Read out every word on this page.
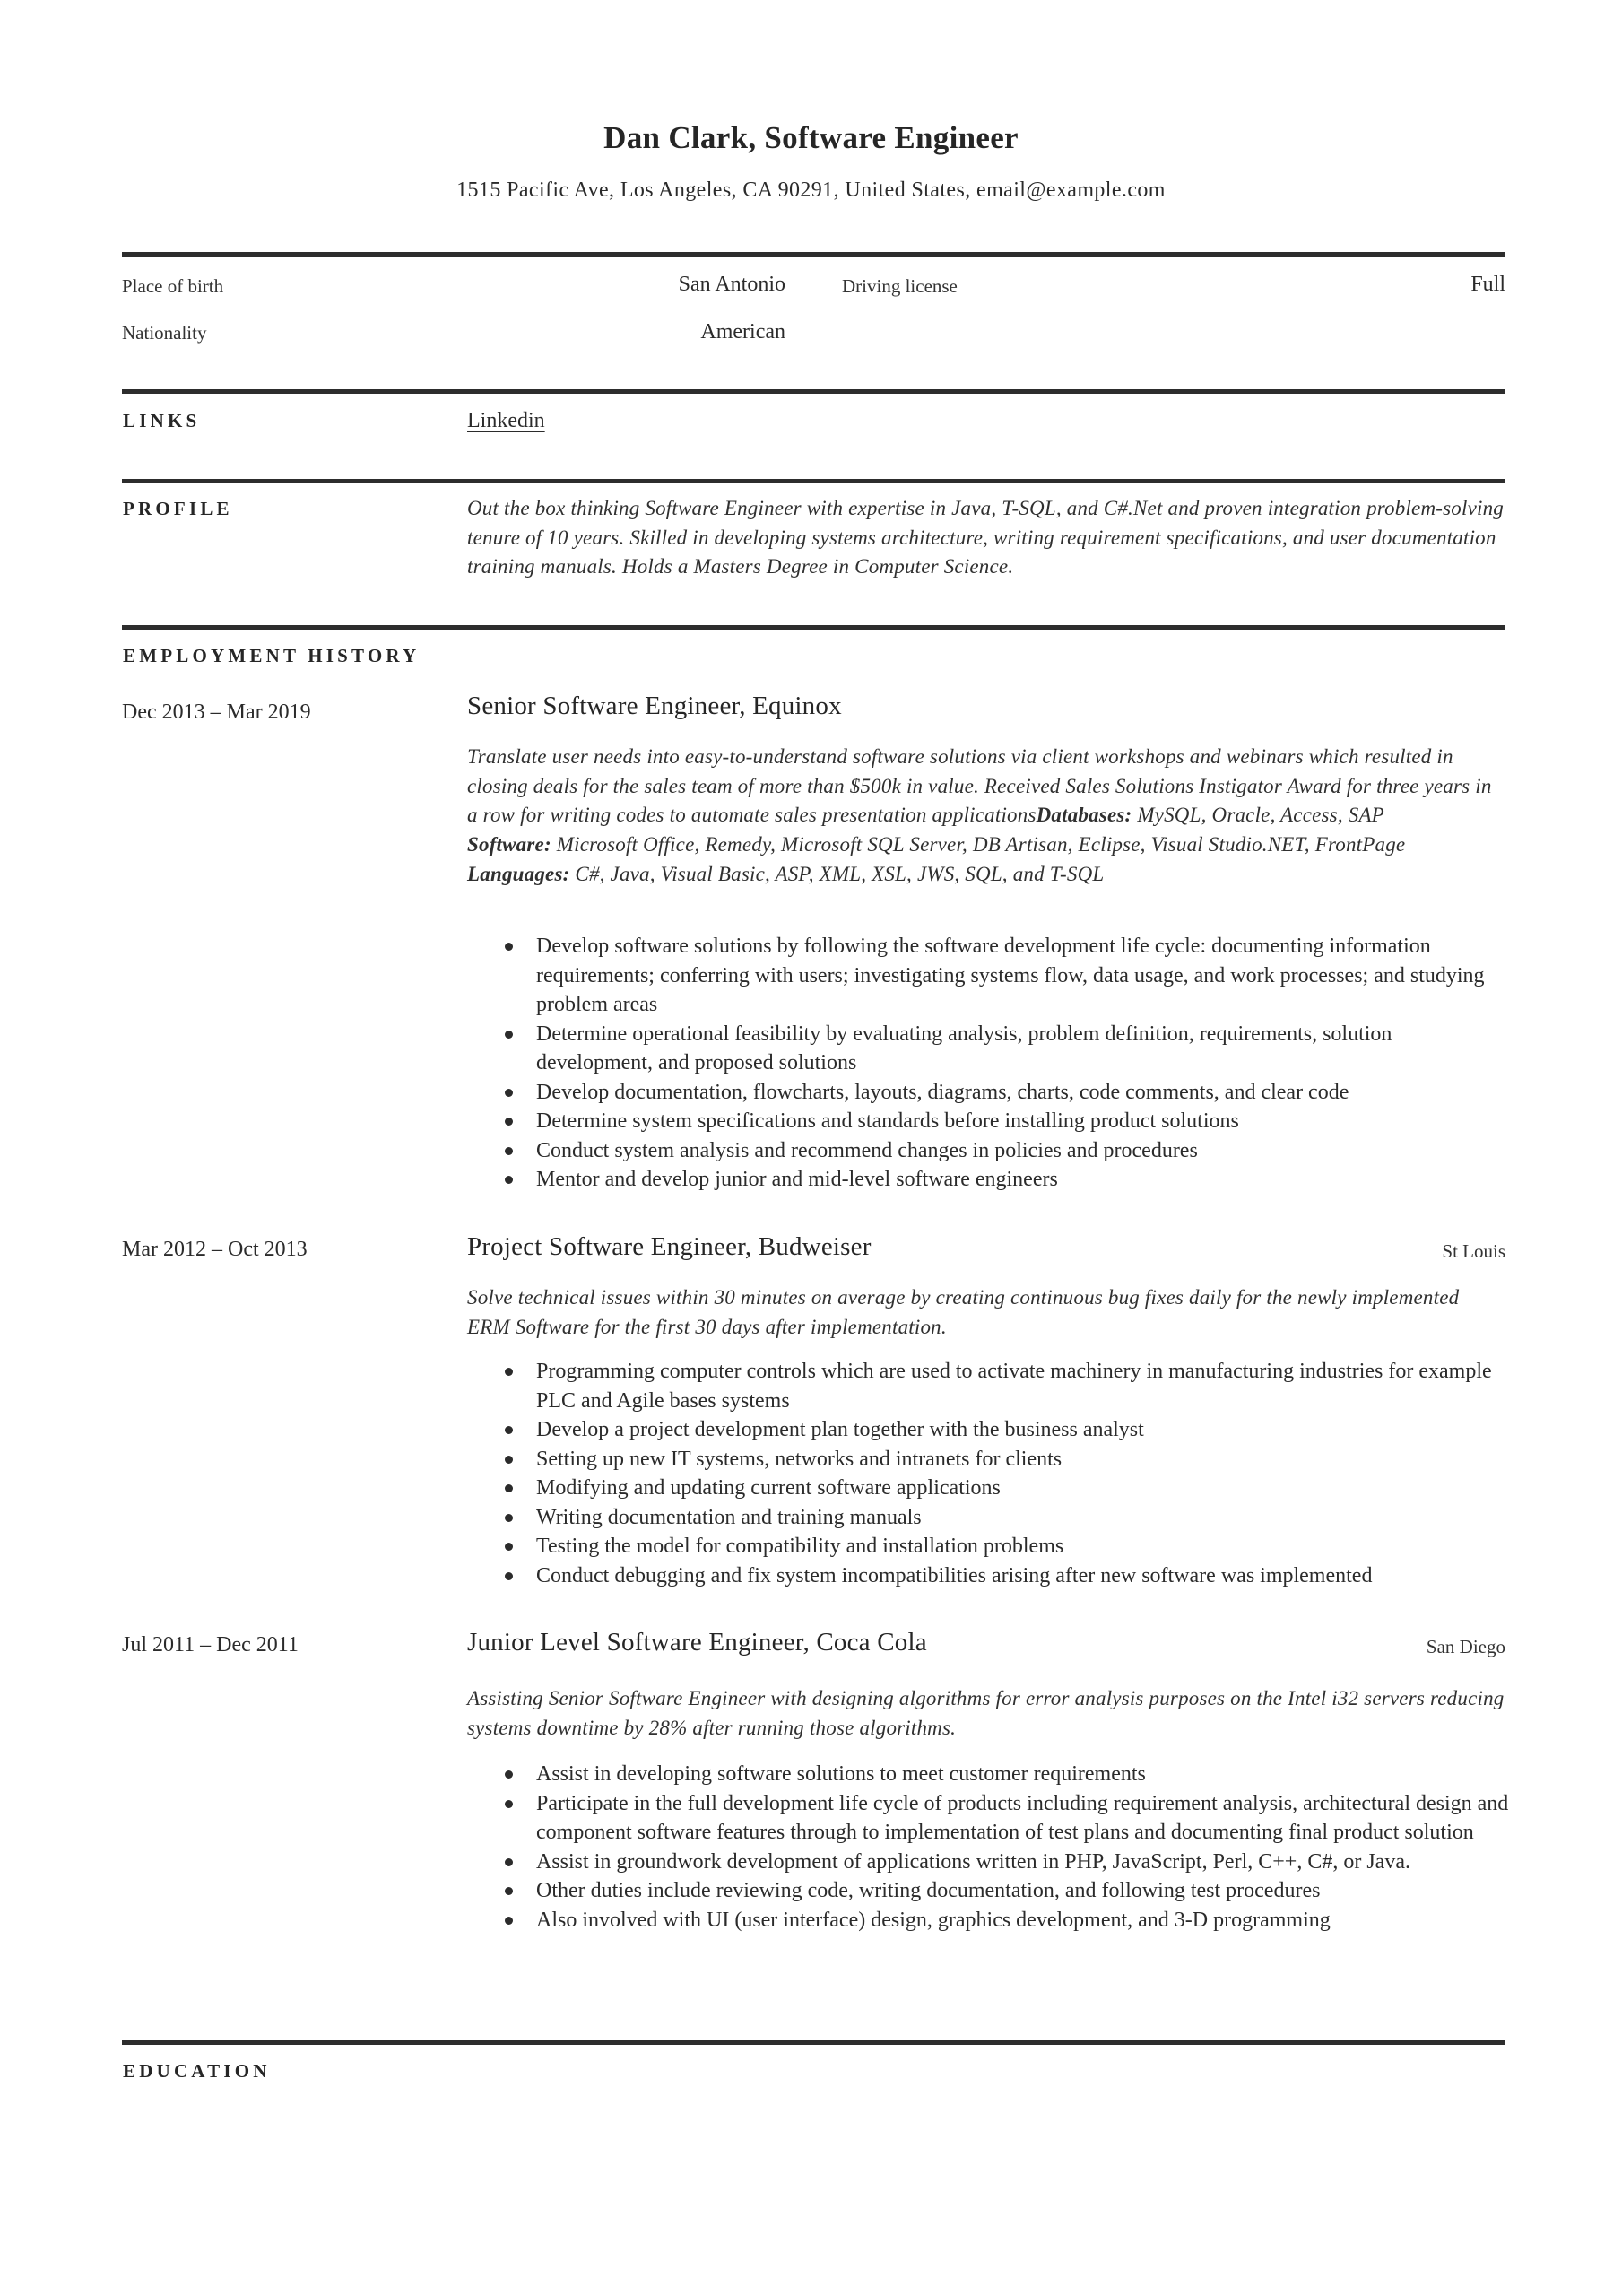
Dan Clark, Software Engineer
1515 Pacific Ave, Los Angeles, CA 90291, United States, email@example.com
Place of birth	San Antonio	Driving license	Full
Nationality	American
LINKS	Linkedin
PROFILE	Out the box thinking Software Engineer with expertise in Java, T-SQL, and C#.Net and proven integration problem-solving tenure of 10 years. Skilled in developing systems architecture, writing requirement specifications, and user documentation training manuals. Holds a Masters Degree in Computer Science.
EMPLOYMENT HISTORY
Dec 2013 – Mar 2019	Senior Software Engineer, Equinox
Translate user needs into easy-to-understand software solutions via client workshops and webinars which resulted in closing deals for the sales team of more than $500k in value. Received Sales Solutions Instigator Award for three years in a row for writing codes to automate sales presentation applicationsDatabases: MySQL, Oracle, Access, SAP
Software: Microsoft Office, Remedy, Microsoft SQL Server, DB Artisan, Eclipse, Visual Studio.NET, FrontPage
Languages: C#, Java, Visual Basic, ASP, XML, XSL, JWS, SQL, and T-SQL
Develop software solutions by following the software development life cycle: documenting information requirements; conferring with users; investigating systems flow, data usage, and work processes; and studying problem areas
Determine operational feasibility by evaluating analysis, problem definition, requirements, solution development, and proposed solutions
Develop documentation, flowcharts, layouts, diagrams, charts, code comments, and clear code
Determine system specifications and standards before installing product solutions
Conduct system analysis and recommend changes in policies and procedures
Mentor and develop junior and mid-level software engineers
Mar 2012 – Oct 2013	Project Software Engineer, Budweiser	St Louis
Solve technical issues within 30 minutes on average by creating continuous bug fixes daily for the newly implemented ERM Software for the first 30 days after implementation.
Programming computer controls which are used to activate machinery in manufacturing industries for example PLC and Agile bases systems
Develop a project development plan together with the business analyst
Setting up new IT systems, networks and intranets for clients
Modifying and updating current software applications
Writing documentation and training manuals
Testing the model for compatibility and installation problems
Conduct debugging and fix system incompatibilities arising after new software was implemented
Jul 2011 – Dec 2011	Junior Level Software Engineer, Coca Cola	San Diego
Assisting Senior Software Engineer with designing algorithms for error analysis purposes on the Intel i32 servers reducing systems downtime by 28% after running those algorithms.
Assist in developing software solutions to meet customer requirements
Participate in the full development life cycle of products including requirement analysis, architectural design and component software features through to implementation of test plans and documenting final product solution
Assist in groundwork development of applications written in PHP, JavaScript, Perl, C++, C#, or Java.
Other duties include reviewing code, writing documentation, and following test procedures
Also involved with UI (user interface) design, graphics development, and 3-D programming
EDUCATION
